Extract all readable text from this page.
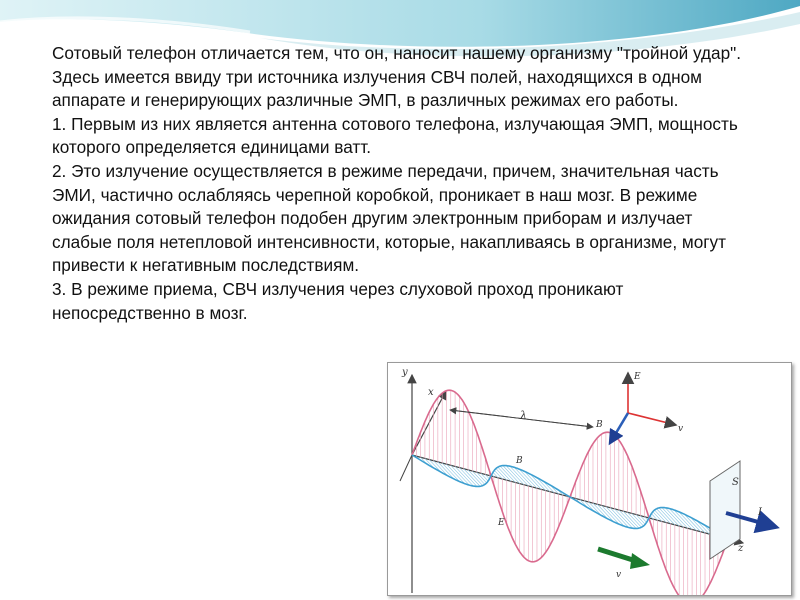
Сотовый телефон отличается тем, что он, наносит нашему организму "тройной удар". Здесь имеется ввиду три источника излучения СВЧ полей, находящихся в одном аппарате и генерирующих различные ЭМП, в различных режимах его работы.

1. Первым из них является антенна сотового телефона, излучающая ЭМП, мощность которого определяется единицами ватт.

2. Это излучение осуществляется в режиме передачи, причем, значительная часть ЭМИ, частично ослабляясь черепной коробкой, проникает в наш мозг. В режиме ожидания сотовый телефон подобен другим электронным приборам и излучает слабые поля нетепловой интенсивности, которые, накапливаясь в организме, могут привести к негативным последствиям.

3. В режиме приема, СВЧ излучения через слуховой проход проникают непосредственно в мозг.

y
x
z
λ
E
v
B
B
E
S
I
v
